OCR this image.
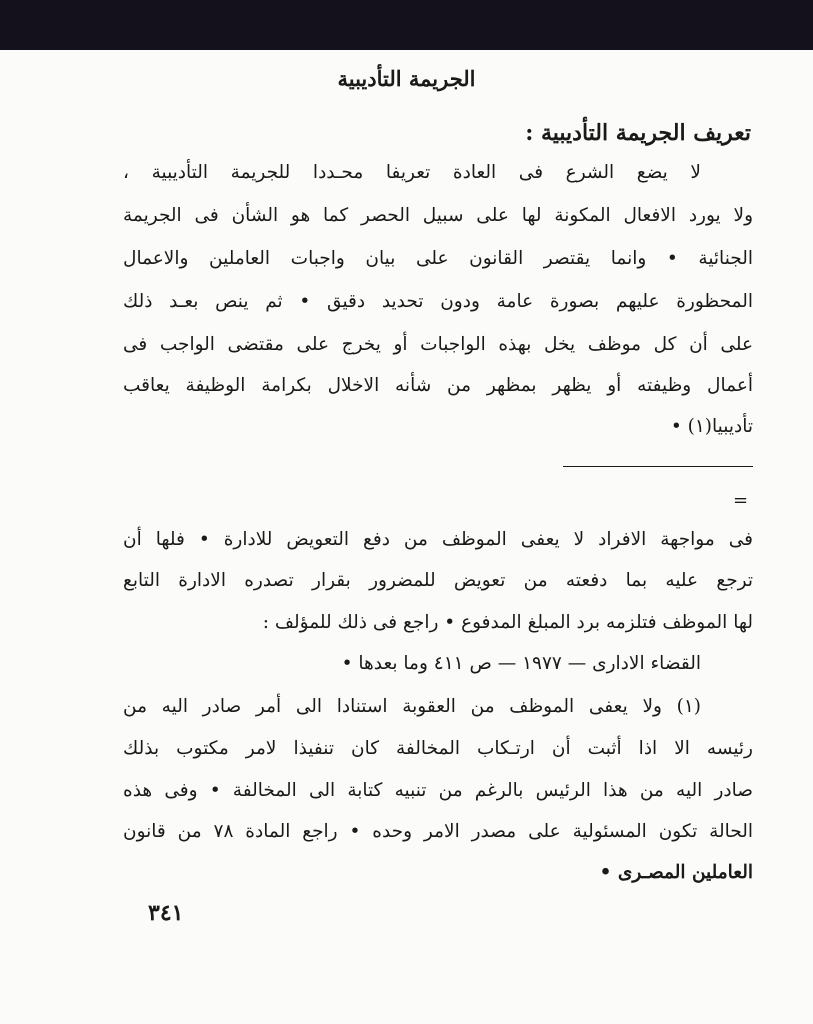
الجريمة التأديبية
تعريف الجريمة التأديبية :
لا يضع الشرع فى العادة تعريفا محـددا للجريمة التأديبية ،
ولا يورد الافعال المكونة لها على سبيل الحصر كما هو الشأن فى الجريمة
الجنائية • وانما يقتصر القانون على بيان واجبات العاملين والاعمال
المحظورة عليهم بصورة عامة ودون تحديد دقيق • ثم ينص بعـد ذلك
على أن كل موظف يخل بهذه الواجبات أو يخرج على مقتضى الواجب فى
أعمال وظيفته أو يظهر بمظهر من شأنه الاخلال بكرامة الوظيفة يعاقب
تأديبيا(١) •
=
فى مواجهة الافراد لا يعفى الموظف من دفع التعويض للادارة • فلها أن
ترجع عليه بما دفعته من تعويض للمضرور بقرار تصدره الادارة التابع
لها الموظف فتلزمه برد المبلغ المدفوع • راجع فى ذلك للمؤلف :
القضاء الادارى — ١٩٧٧ — ص ٤١١ وما بعدها •
(١) ولا يعفى الموظف من العقوبة استنادا الى أمر صادر اليه من
رئيسه الا اذا أثبت أن ارتـكاب المخالفة كان تنفيذا لامر مكتوب بذلك
صادر اليه من هذا الرئيس بالرغم من تنبيه كتابة الى المخالفة • وفى هذه
الحالة تكون المسئولية على مصدر الامر وحده • راجع المادة ٧٨ من قانون
العاملين المصـرى •
٣٤١
